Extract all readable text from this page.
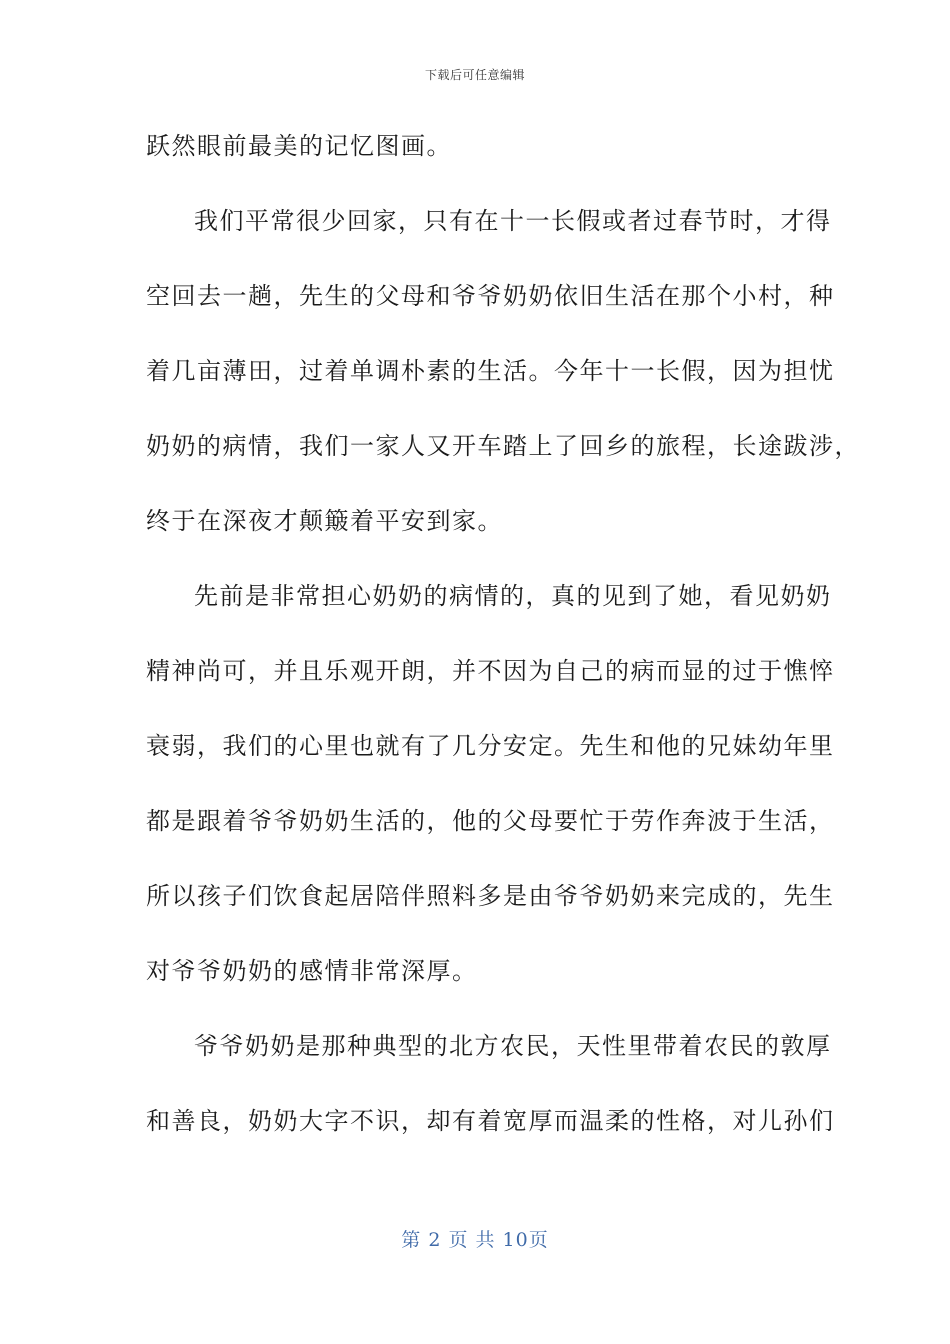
下载后可任意编辑
跃然眼前最美的记忆图画。
我们平常很少回家，只有在十一长假或者过春节时，才得
空回去一趟，先生的父母和爷爷奶奶依旧生活在那个小村，种
着几亩薄田，过着单调朴素的生活。今年十一长假，因为担忧
奶奶的病情，我们一家人又开车踏上了回乡的旅程，长途跋涉，
终于在深夜才颠簸着平安到家。
先前是非常担心奶奶的病情的，真的见到了她，看见奶奶
精神尚可，并且乐观开朗，并不因为自己的病而显的过于憔悴
衰弱，我们的心里也就有了几分安定。先生和他的兄妹幼年里
都是跟着爷爷奶奶生活的，他的父母要忙于劳作奔波于生活，
所以孩子们饮食起居陪伴照料多是由爷爷奶奶来完成的，先生
对爷爷奶奶的感情非常深厚。
爷爷奶奶是那种典型的北方农民，天性里带着农民的敦厚
和善良，奶奶大字不识，却有着宽厚而温柔的性格，对儿孙们
第 2 页 共 10页
